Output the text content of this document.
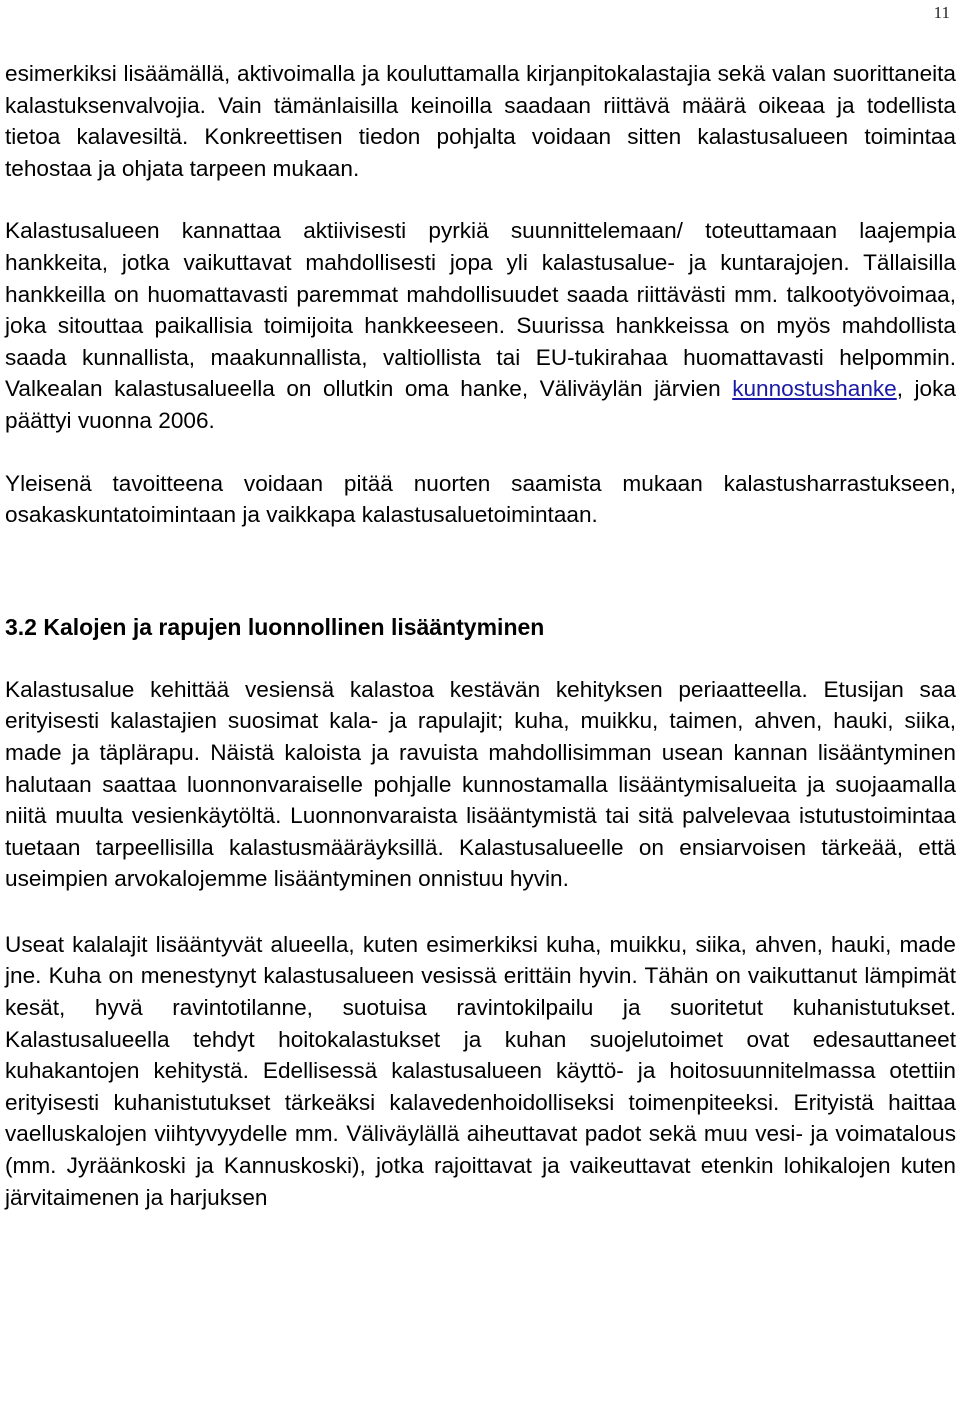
11

esimerkiksi lisäämällä, aktivoimalla ja kouluttamalla kirjanpitokalastajia sekä valan suorittaneita kalastuksenvalvojia. Vain tämänlaisilla keinoilla saadaan riittävä määrä oikeaa ja todellista tietoa kalavesiltä. Konkreettisen tiedon pohjalta voidaan sitten kalastusalueen toimintaa tehostaa ja ohjata tarpeen mukaan.

Kalastusalueen kannattaa aktiivisesti pyrkiä suunnittelemaan/ toteuttamaan laajempia hankkeita, jotka vaikuttavat mahdollisesti jopa yli kalastusalue- ja kuntarajojen. Tällaisilla hankkeilla on huomattavasti paremmat mahdollisuudet saada riittävästi mm. talkootyövoimaa, joka sitouttaa paikallisia toimijoita hankkeeseen. Suurissa hankkeissa on myös mahdollista saada kunnallista, maakunnallista, valtiollista tai EU-tukirahaa huomattavasti helpommin. Valkealan kalastusalueella on ollutkin oma hanke, Väliväylän järvien kunnostushanke, joka päättyi vuonna 2006.

Yleisenä tavoitteena voidaan pitää nuorten saamista mukaan kalastusharrastukseen, osakaskuntatoimintaan ja vaikkapa kalastusaluetoimintaan.

3.2 Kalojen ja rapujen luonnollinen lisääntyminen

Kalastusalue kehittää vesiensä kalastoa kestävän kehityksen periaatteella. Etusijan saa erityisesti kalastajien suosimat kala- ja rapulajit; kuha, muikku, taimen, ahven, hauki, siika, made ja täplärapu. Näistä kaloista ja ravuista mahdollisimman usean kannan lisääntyminen halutaan saattaa luonnonvaraiselle pohjalle kunnostamalla lisääntymisalueita ja suojaamalla niitä muulta vesienkäytöltä. Luonnonvaraista lisääntymistä tai sitä palvelevaa istutustoimintaa tuetaan tarpeellisilla kalastusmääräyksillä. Kalastusalueelle on ensiarvoisen tärkeää, että useimpien arvokalojemme lisääntyminen onnistuu hyvin.

Useat kalalajit lisääntyvät alueella, kuten esimerkiksi kuha, muikku, siika, ahven, hauki, made jne. Kuha on menestynyt kalastusalueen vesissä erittäin hyvin. Tähän on vaikuttanut lämpimät kesät, hyvä ravintotilanne, suotuisa ravintokilpailu ja suoritetut kuhanistutukset. Kalastusalueella tehdyt hoitokalastukset ja kuhan suojelutoimet ovat edesauttaneet kuhakantojen kehitystä. Edellisessä kalastusalueen käyttö- ja hoitosuunnitelmassa otettiin erityisesti kuhanistutukset tärkeäksi kalavedenhoidolliseksi toimenpiteeksi. Erityistä haittaa vaelluskalojen viihtyvyydelle mm. Väliväylällä aiheuttavat padot sekä muu vesi- ja voimatalous (mm. Jyräänkoski ja Kannuskoski), jotka rajoittavat ja vaikeuttavat etenkin lohikalojen kuten järvitaimenen ja harjuksen
